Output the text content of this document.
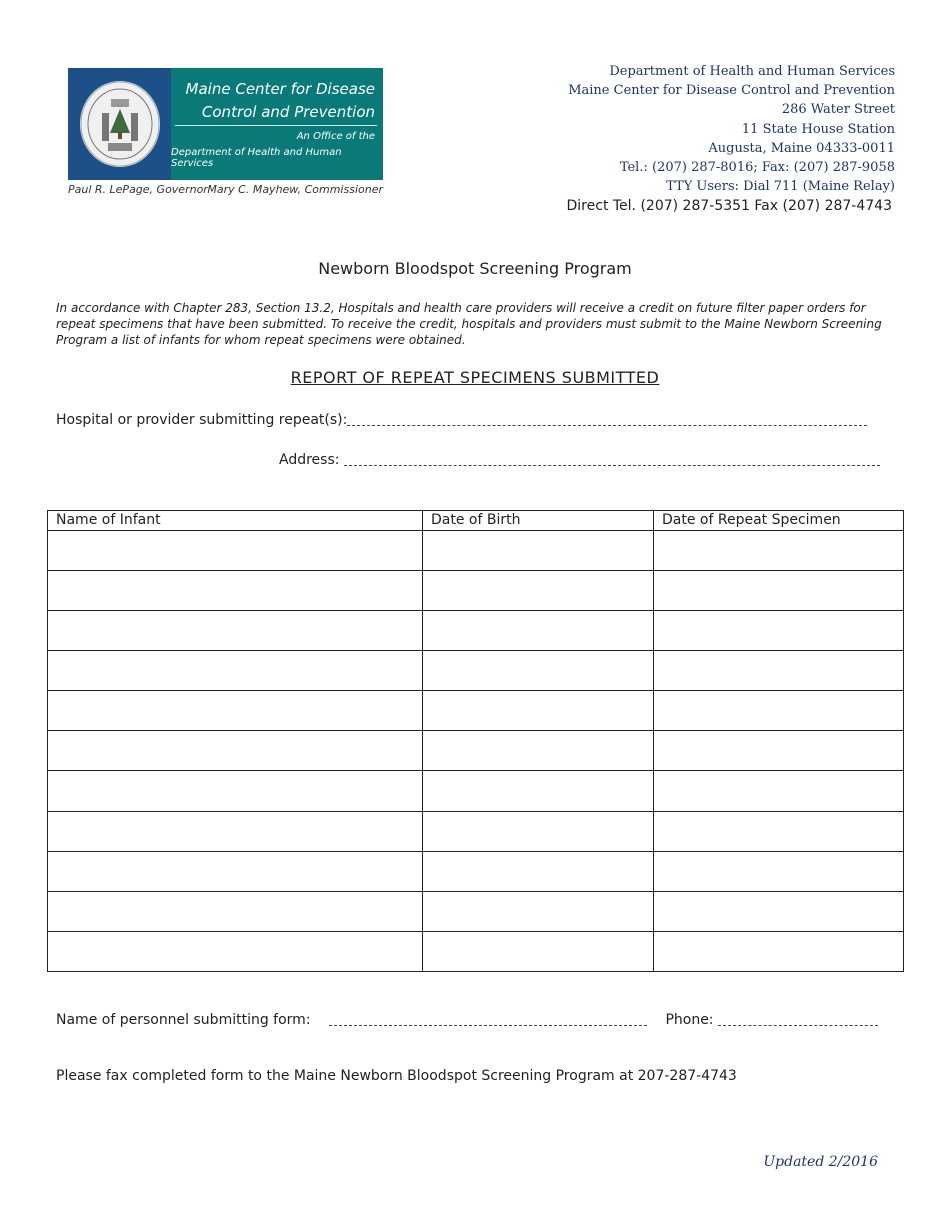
Maine Center for Disease
Control and Prevention
An Office of the
Department of Health and Human Services
Paul R. LePage, Governor Mary C. Mayhew, Commissioner
Department of Health and Human Services
Maine Center for Disease Control and Prevention
286 Water Street
11 State House Station
Augusta, Maine 04333-0011
Tel.: (207) 287-8016; Fax: (207) 287-9058
TTY Users: Dial 711 (Maine Relay)
Direct Tel. (207) 287-5351 Fax (207) 287-4743
Newborn Bloodspot Screening Program
In accordance with Chapter 283, Section 13.2, Hospitals and health care providers will receive a credit on future filter paper orders for repeat specimens that have been submitted. To receive the credit, hospitals and providers must submit to the Maine Newborn Screening Program a list of infants for whom repeat specimens were obtained.
REPORT OF REPEAT SPECIMENS SUBMITTED
Hospital or provider submitting repeat(s):
Address:
Name of Infant	Date of Birth	Date of Repeat Specimen

Name of personnel submitting form:	Phone:
Please fax completed form to the Maine Newborn Bloodspot Screening Program at 207-287-4743
Updated 2/2016
